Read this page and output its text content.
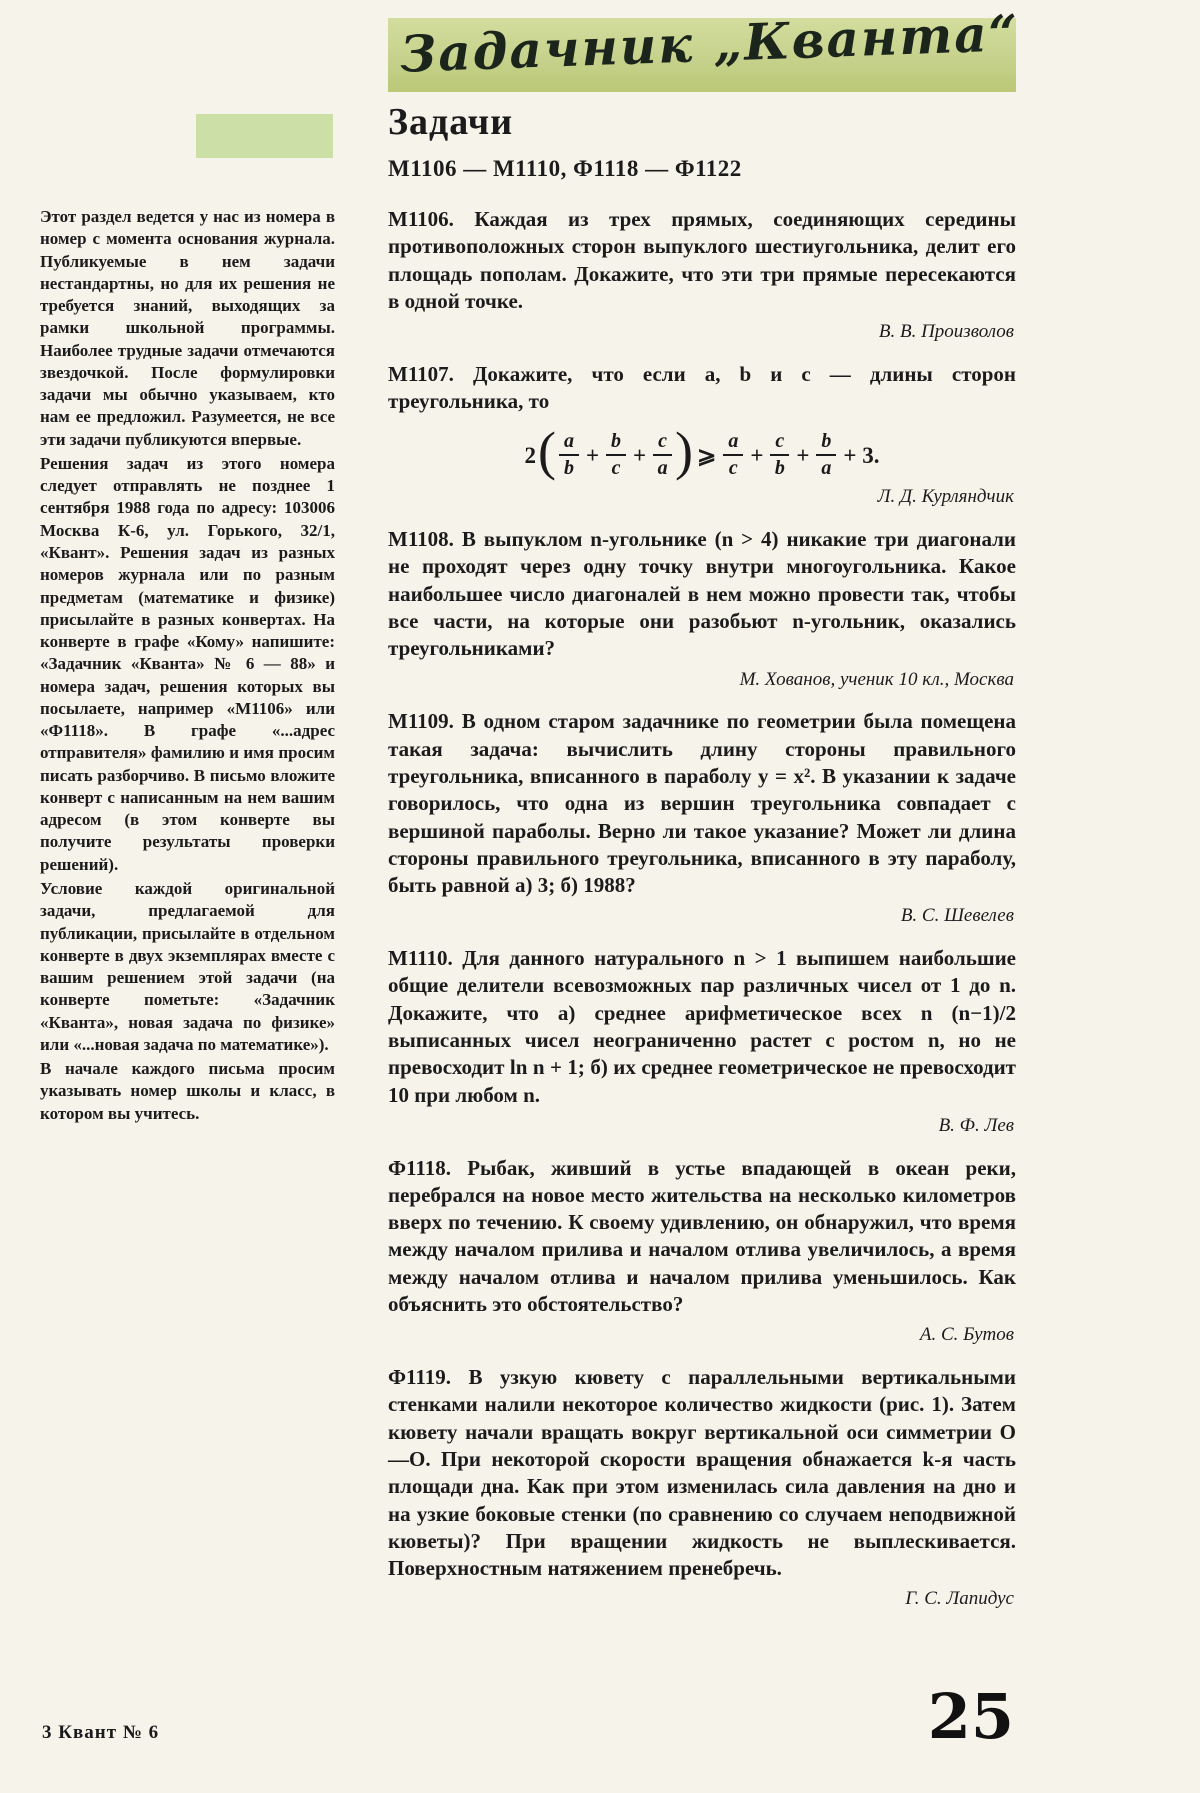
Задачник „Кванта“
Задачи
М1106 — М1110, Ф1118 — Ф1122

Этот раздел ведется у нас из номера в номер с момента основания журнала. Публикуемые в нем задачи нестандартны, но для их решения не требуется знаний, выходящих за рамки школьной программы. Наиболее трудные задачи отмечаются звездочкой. После формулировки задачи мы обычно указываем, кто нам ее предложил. Разумеется, не все эти задачи публикуются впервые.

Решения задач из этого номера следует отправлять не позднее 1 сентября 1988 года по адресу: 103006 Москва К-6, ул. Горького, 32/1, «Квант». Решения задач из разных номеров журнала или по разным предметам (математике и физике) присылайте в разных конвертах. На конверте в графе «Кому» напишите: «Задачник «Кванта» № 6 — 88» и номера задач, решения которых вы посылаете, например «М1106» или «Ф1118». В графе «...адрес отправителя» фамилию и имя просим писать разборчиво. В письмо вложите конверт с написанным на нем вашим адресом (в этом конверте вы получите результаты проверки решений).

Условие каждой оригинальной задачи, предлагаемой для публикации, присылайте в отдельном конверте в двух экземплярах вместе с вашим решением этой задачи (на конверте пометьте: «Задачник «Кванта», новая задача по физике» или «...новая задача по математике»).

В начале каждого письма просим указывать номер школы и класс, в котором вы учитесь.

М1106. Каждая из трех прямых, соединяющих середины противоположных сторон выпуклого шестиугольника, делит его площадь пополам. Докажите, что эти три прямые пересекаются в одной точке.

В. В. Произволов

М1107. Докажите, что если a, b и c — длины сторон треугольника, то

$2( \frac{a}{b} + \frac{b}{c} + \frac{c}{a}$ ) ⩾ $\frac{a}{c} + \frac{c}{b} + \frac{b}{a} + 3$.
Л. Д. Курляндчик

М1108. В выпуклом n-угольнике (n > 4) никакие три диагонали не проходят через одну точку внутри многоугольника. Какое наибольшее число диагоналей в нем можно провести так, чтобы все части, на которые они разобьют n-угольник, оказались треугольниками?

М. Хованов, ученик 10 кл., Москва

М1109. В одном старом задачнике по геометрии была помещена такая задача: вычислить длину стороны правильного треугольника, вписанного в параболу y = x². В указании к задаче говорилось, что одна из вершин треугольника совпадает с вершиной параболы. Верно ли такое указание? Может ли длина стороны правильного треугольника, вписанного в эту параболу, быть равной а) 3; б) 1988?

В. С. Шевелев

М1110. Для данного натурального n > 1 выпишем наибольшие общие делители всевозможных пар различных чисел от 1 до n. Докажите, что а) среднее арифметическое всех n (n−1)/2 выписанных чисел неограниченно растет с ростом n, но не превосходит ln n + 1; б) их среднее геометрическое не превосходит 10 при любом n.

В. Ф. Лев

Ф1118. Рыбак, живший в устье впадающей в океан реки, перебрался на новое место жительства на несколько километров вверх по течению. К своему удивлению, он обнаружил, что время между началом прилива и началом отлива увеличилось, а время между началом отлива и началом прилива уменьшилось. Как объяснить это обстоятельство?

А. С. Бутов

Ф1119. В узкую кювету с параллельными вертикальными стенками налили некоторое количество жидкости (рис. 1). Затем кювету начали вращать вокруг вертикальной оси симметрии О—О. При некоторой скорости вращения обнажается k-я часть площади дна. Как при этом изменилась сила давления на дно и на узкие боковые стенки (по сравнению со случаем неподвижной кюветы)? При вращении жидкость не выплескивается. Поверхностным натяжением пренебречь.

Г. С. Лапидус
3 Квант № 6	25
